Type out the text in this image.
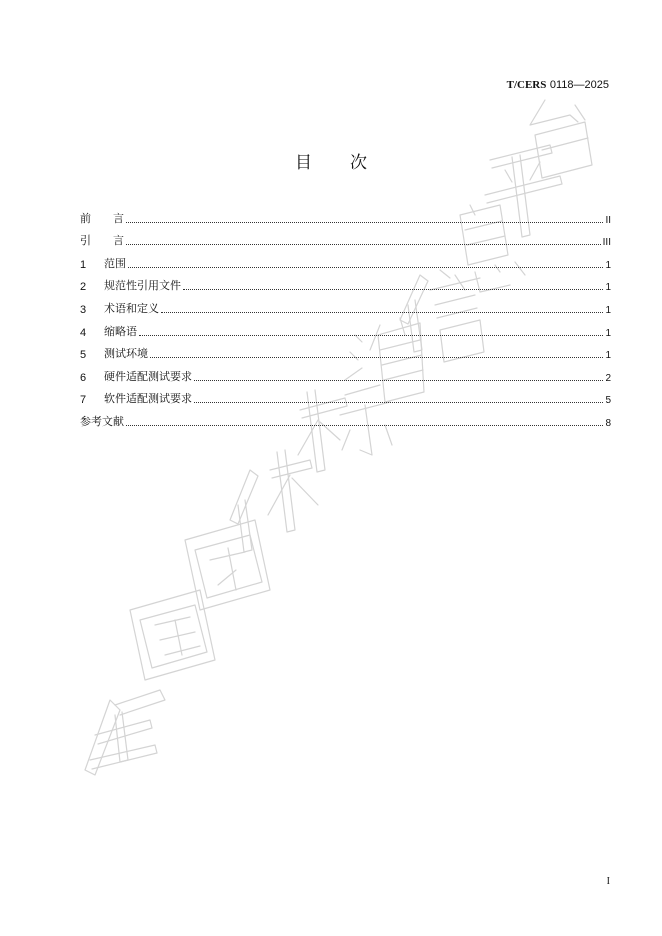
T/CERS 0118—2025
目 次
前 言	II
引 言	III
1	范围	1
2	规范性引用文件	1
3	术语和定义	1
4	缩略语	1
5	测试环境	1
6	硬件适配测试要求	2
7	软件适配测试要求	5
参考文献	8
I
